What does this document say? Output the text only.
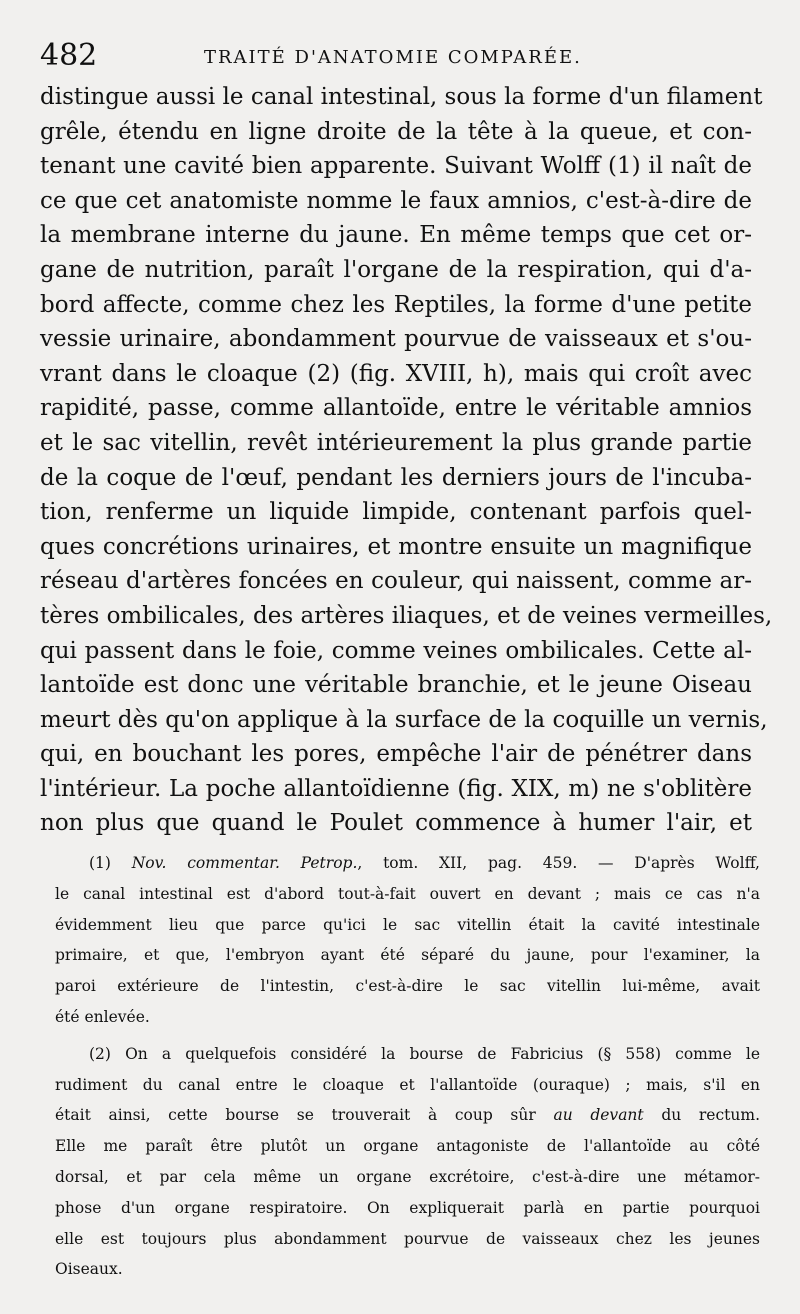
482	TRAITÉ D'ANATOMIE COMPARÉE.
distingue aussi le canal intestinal, sous la forme d'un filament
grêle, étendu en ligne droite de la tête à la queue, et con-
tenant une cavité bien apparente. Suivant Wolff (1) il naît de
ce que cet anatomiste nomme le faux amnios, c'est-à-dire de
la membrane interne du jaune. En même temps que cet or-
gane de nutrition, paraît l'organe de la respiration, qui d'a-
bord affecte, comme chez les Reptiles, la forme d'une petite
vessie urinaire, abondamment pourvue de vaisseaux et s'ou-
vrant dans le cloaque (2) (fig. XVIII, h), mais qui croît avec
rapidité, passe, comme allantoïde, entre le véritable amnios
et le sac vitellin, revêt intérieurement la plus grande partie
de la coque de l'œuf, pendant les derniers jours de l'incuba-
tion, renferme un liquide limpide, contenant parfois quel-
ques concrétions urinaires, et montre ensuite un magnifique
réseau d'artères foncées en couleur, qui naissent, comme ar-
tères ombilicales, des artères iliaques, et de veines vermeilles,
qui passent dans le foie, comme veines ombilicales. Cette al-
lantoïde est donc une véritable branchie, et le jeune Oiseau
meurt dès qu'on applique à la surface de la coquille un vernis,
qui, en bouchant les pores, empêche l'air de pénétrer dans
l'intérieur. La poche allantoïdienne (fig. XIX, m) ne s'oblitère
non plus que quand le Poulet commence à humer l'air, et
(1) Nov. commentar. Petrop., tom. XII, pag. 459. — D'après Wolff,
le canal intestinal est d'abord tout-à-fait ouvert en devant ; mais ce cas n'a
évidemment lieu que parce qu'ici le sac vitellin était la cavité intestinale
primaire, et que, l'embryon ayant été séparé du jaune, pour l'examiner, la
paroi extérieure de l'intestin, c'est-à-dire le sac vitellin lui-même, avait
été enlevée.
(2) On a quelquefois considéré la bourse de Fabricius (§ 558) comme le
rudiment du canal entre le cloaque et l'allantoïde (ouraque) ; mais, s'il en
était ainsi, cette bourse se trouverait à coup sûr au devant du rectum.
Elle me paraît être plutôt un organe antagoniste de l'allantoïde au côté
dorsal, et par cela même un organe excrétoire, c'est-à-dire une métamor-
phose d'un organe respiratoire. On expliquerait parlà en partie pourquoi
elle est toujours plus abondamment pourvue de vaisseaux chez les jeunes
Oiseaux.
